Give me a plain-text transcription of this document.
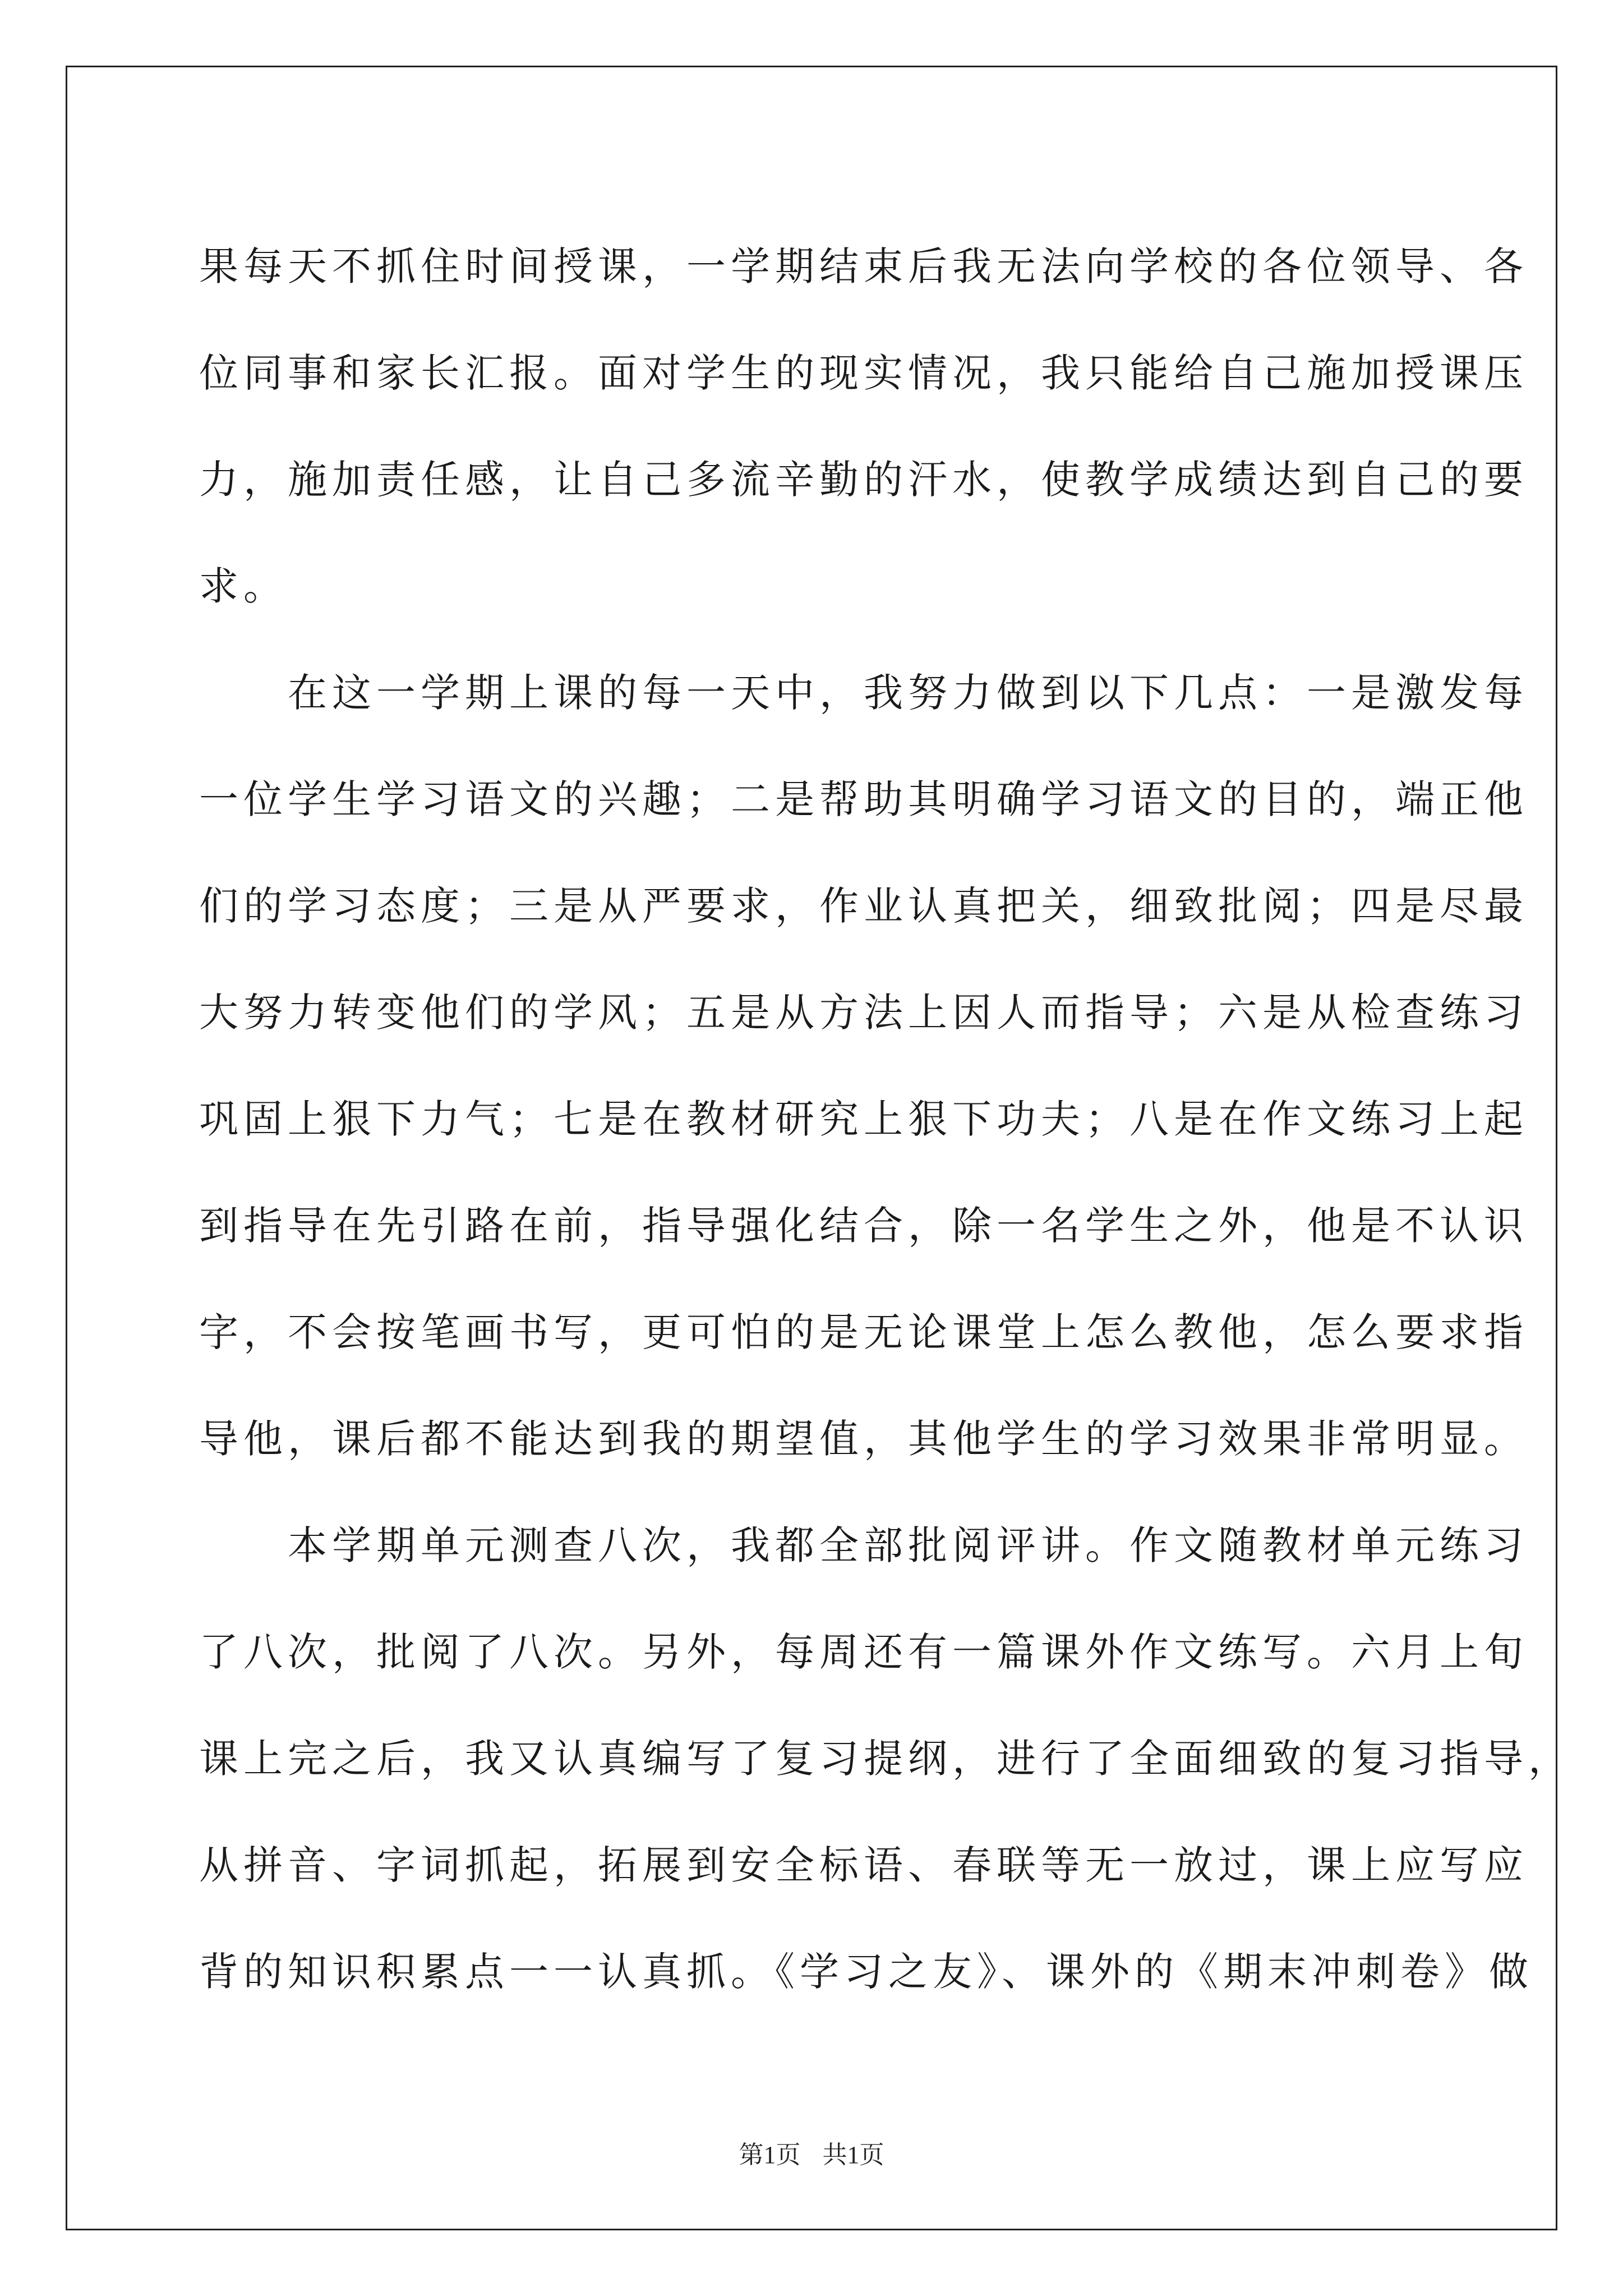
果每天不抓住时间授课，一学期结束后我无法向学校的各位领导、各
位同事和家长汇报。面对学生的现实情况，我只能给自己施加授课压
力，施加责任感，让自己多流辛勤的汗水，使教学成绩达到自己的要
求。
　　在这一学期上课的每一天中，我努力做到以下几点：一是激发每
一位学生学习语文的兴趣；二是帮助其明确学习语文的目的，端正他
们的学习态度；三是从严要求，作业认真把关，细致批阅；四是尽最
大努力转变他们的学风；五是从方法上因人而指导；六是从检查练习
巩固上狠下力气；七是在教材研究上狠下功夫；八是在作文练习上起
到指导在先引路在前，指导强化结合，除一名学生之外，他是不认识
字，不会按笔画书写，更可怕的是无论课堂上怎么教他，怎么要求指
导他，课后都不能达到我的期望值，其他学生的学习效果非常明显。
　　本学期单元测查八次，我都全部批阅评讲。作文随教材单元练习
了八次，批阅了八次。另外，每周还有一篇课外作文练写。六月上旬
课上完之后，我又认真编写了复习提纲，进行了全面细致的复习指导，
从拼音、字词抓起，拓展到安全标语、春联等无一放过，课上应写应
背的知识积累点一一认真抓。《学习之友》、课外的《期末冲刺卷》做
第1页 共1页
